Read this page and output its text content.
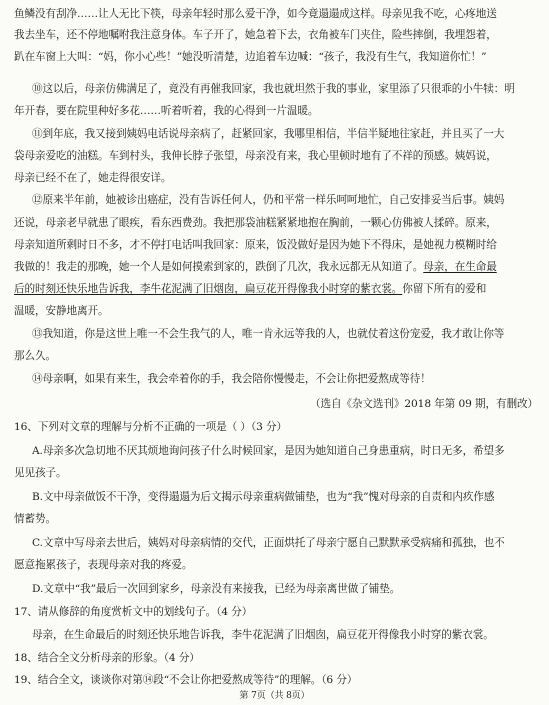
鱼鳞没有刮净……让人无比下筷，母亲年轻时那么爱干净，如今竟遢遢成这样。母亲见我不吃，心疼地送
我去坐车，还不停地嘱咐我注意身体。车子开了，她急着下去，衣角被车门夹住，险些摔倒，我埋怨着，
趴在车窗上大叫：“妈，你小心些！”她没听清楚，边追着车边喊：“孩子，我没有生气，我知道你忙！”
⑩这以后，母亲仿佛满足了，竟没有再催我回家，我也就坦然于我的事业，家里添了只很乖的小牛犊：明
年开春，要在院里种好多花……听着听着，我的心得到一片温暖。
⑪到年底，我又接到姨妈电话说母亲病了，赶紧回家，我哪里相信，半信半疑地往家赶，并且买了一大
袋母亲爱吃的油糕。车到村头，我伸长脖子张望，母亲没有来，我心里顿时地有了不祥的预感。姨妈说，
母亲已经不在了，她走得很安详。
⑫原来半年前，她被诊出癌症，没有告诉任何人，仍和平常一样乐呵呵地忙，自己安排妥当后事。姨妈
还说，母亲老早就患了眼疾，看东西费劲。我把那袋油糕紧紧地抱在胸前，一颗心仿佛被人揉碎。原来，
母亲知道所剩时日不多，才不停打电话叫我回家：原来，饭没做好是因为她下不得床，是她视力模糊时给
我做的！我走的那晚，她一个人是如何摸索到家的，跌倒了几次，我永远都无从知道了。母亲，在生命最
后的时刻还快乐地告诉我，李牛花泥满了旧烟囱，扁豆花开得像我小时穿的紫衣裳。你留下所有的爱和
温暖，安静地离开。
⑬我知道，你是这世上唯一不会生我气的人，唯一肯永远等我的人，也就仗着这份宠爱，我才敢让你等
那么久。
⑭母亲啊，如果有来生，我会牵着你的手，我会陪你慢慢走，不会让你把爱熬成等待！
（选自《杂文选刊》2018 年第 09 期，有删改）
16、下列对文章的理解与分析不正确的一项是（ ）（3 分）
A.母亲多次急切地不厌其烦地询问孩子什么时候回家，是因为她知道自己身患重病，时日无多，希望多
见见孩子。
B.文中母亲做饭不干净，变得遢遢为后文揭示母亲重病做铺垫，也为“我”愧对母亲的自责和内疚作感
情蓄势。
C.文章中写母亲去世后，姨妈对母亲病情的交代，正面烘托了母亲宁愿自己默默承受病痛和孤独，也不
愿意拖累孩子，表现母亲对我的疼爱。
D.文章中“我”最后一次回到家乡，母亲没有来接我，已经为母亲离世做了铺垫。
17、请从修辞的角度赏析文中的划线句子。（4 分）
母亲，在生命最后的时刻还快乐地告诉我，李牛花泥满了旧烟囱，扁豆花开得像我小时穿的紫衣裳。
18、结合全文分析母亲的形象。（4 分）
19、结合全文，谈谈你对第⑭段“不会让你把爱熬成等待”的理解。（6 分）
第 7页（共 8页）
